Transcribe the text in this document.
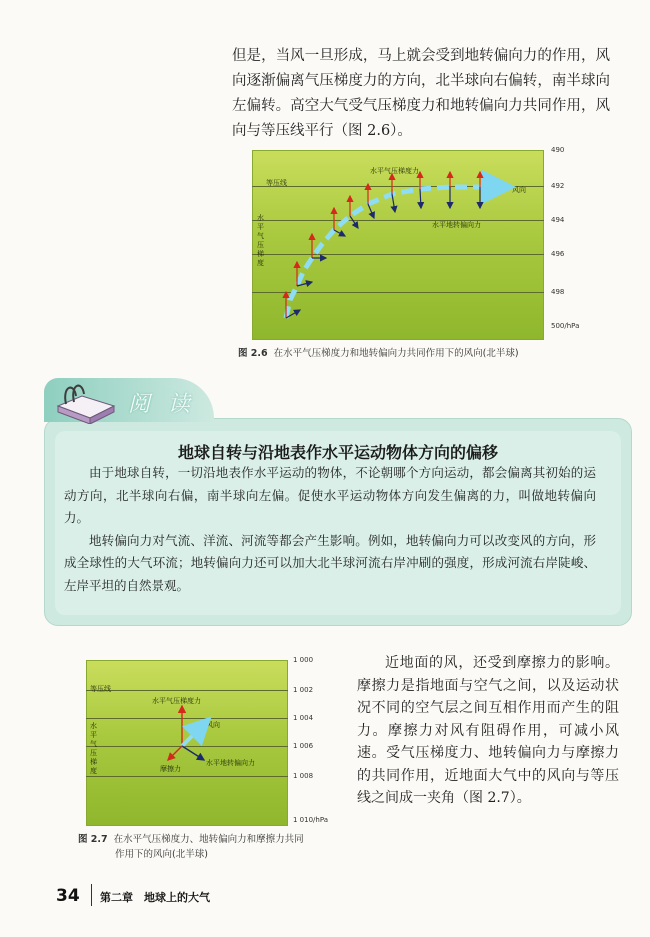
但是，当风一旦形成，马上就会受到地转偏向力的作用，风向逐渐偏离气压梯度力的方向，北半球向右偏转，南半球向左偏转。高空大气受气压梯度力和地转偏向力共同作用，风向与等压线平行（图 2.6）。
490
492
494
496
498
500/hPa
等压线
水平气压梯度力
风向
水平地转偏向力
水平气压梯度
图 2.6 在水平气压梯度力和地转偏向力共同作用下的风向(北半球)
阅读
地球自转与沿地表作水平运动物体方向的偏移

由于地球自转，一切沿地表作水平运动的物体，不论朝哪个方向运动，都会偏离其初始的运动方向，北半球向右偏，南半球向左偏。促使水平运动物体方向发生偏离的力，叫做地转偏向力。

地转偏向力对气流、洋流、河流等都会产生影响。例如，地转偏向力可以改变风的方向，形成全球性的大气环流；地转偏向力还可以加大北半球河流右岸冲刷的强度，形成河流右岸陡峻、左岸平坦的自然景观。

1 000
1 002
1 004
1 006
1 008
1 010/hPa
等压线
水平气压梯度力
风向
摩擦力
水平地转偏向力
水平气压梯度
图 2.7 在水平气压梯度力、地转偏向力和摩擦力共同
作用下的风向(北半球)

近地面的风，还受到摩擦力的影响。摩擦力是指地面与空气之间，以及运动状况不同的空气层之间互相作用而产生的阻力。摩擦力对风有阻碍作用，可减小风速。受气压梯度力、地转偏向力与摩擦力的共同作用，近地面大气中的风向与等压线之间成一夹角（图 2.7）。

34 第二章　地球上的大气
